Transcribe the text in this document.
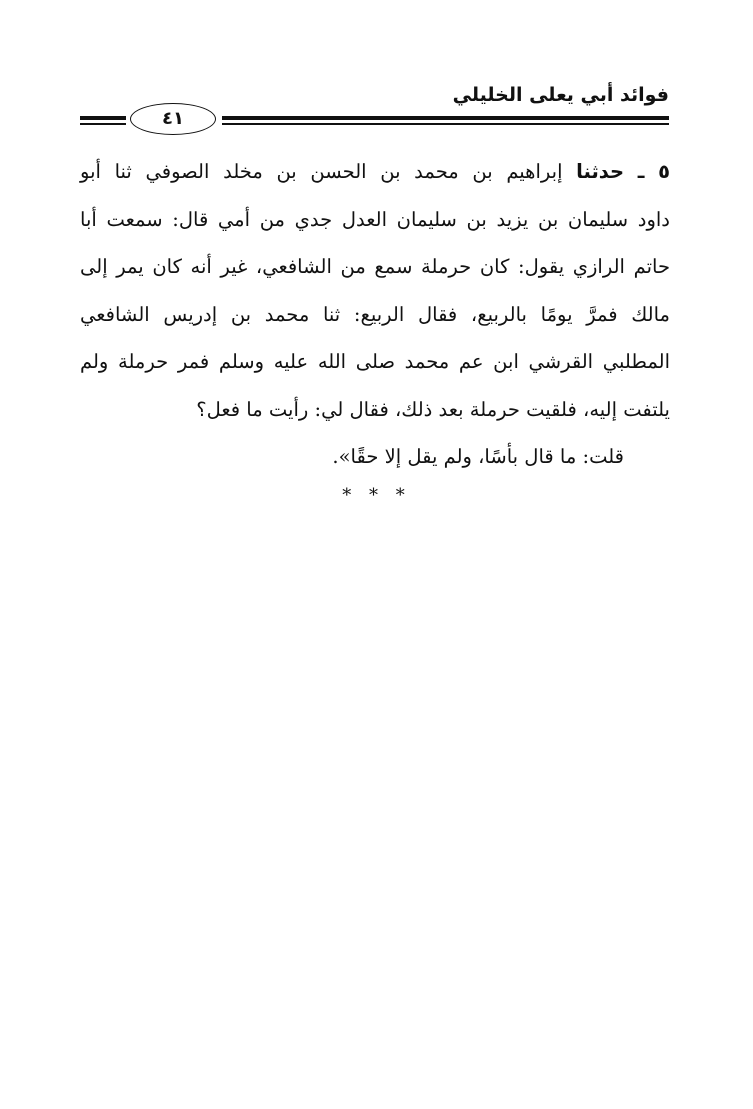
فوائد أبي يعلى الخليلي
٤١
٥ ـ حدثنا إبراهيم بن محمد بن الحسن بن مخلد الصوفي ثنا أبو
داود سليمان بن يزيد بن سليمان العدل جدي من أمي قال: سمعت أبا
حاتم الرازي يقول: كان حرملة سمع من الشافعي، غير أنه كان يمر إلى
مالك فمرَّ يومًا بالربيع، فقال الربيع: ثنا محمد بن إدريس الشافعي
المطلبي القرشي ابن عم محمد صلى الله عليه وسلم فمر حرملة ولم
يلتفت إليه، فلقيت حرملة بعد ذلك، فقال لي: رأيت ما فعل؟
قلت: ما قال بأسًا، ولم يقل إلا حقًا».
* * *
